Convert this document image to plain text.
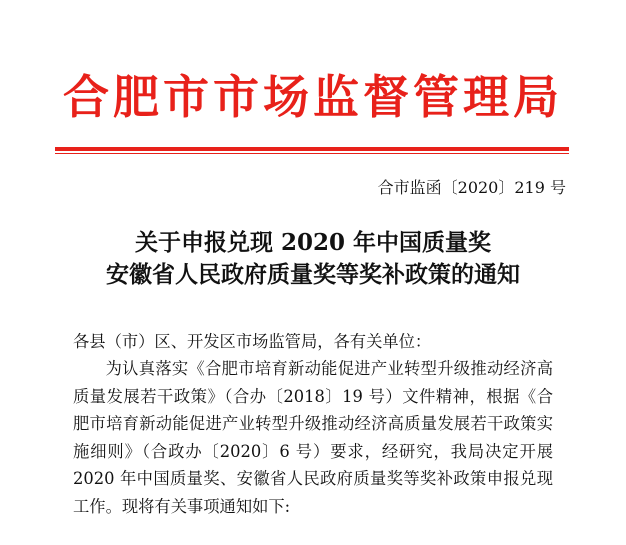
合肥市市场监督管理局
合市监函〔2020〕219 号
关于申报兑现 2020 年中国质量奖
安徽省人民政府质量奖等奖补政策的通知
各县（市）区、开发区市场监管局，各有关单位：
为认真落实《合肥市培育新动能促进产业转型升级推动经济高质量发展若干政策》（合办〔2018〕19 号）文件精神，根据《合肥市培育新动能促进产业转型升级推动经济高质量发展若干政策实施细则》（合政办〔2020〕6 号）要求，经研究，我局决定开展 2020 年中国质量奖、安徽省人民政府质量奖等奖补政策申报兑现工作。现将有关事项通知如下:
